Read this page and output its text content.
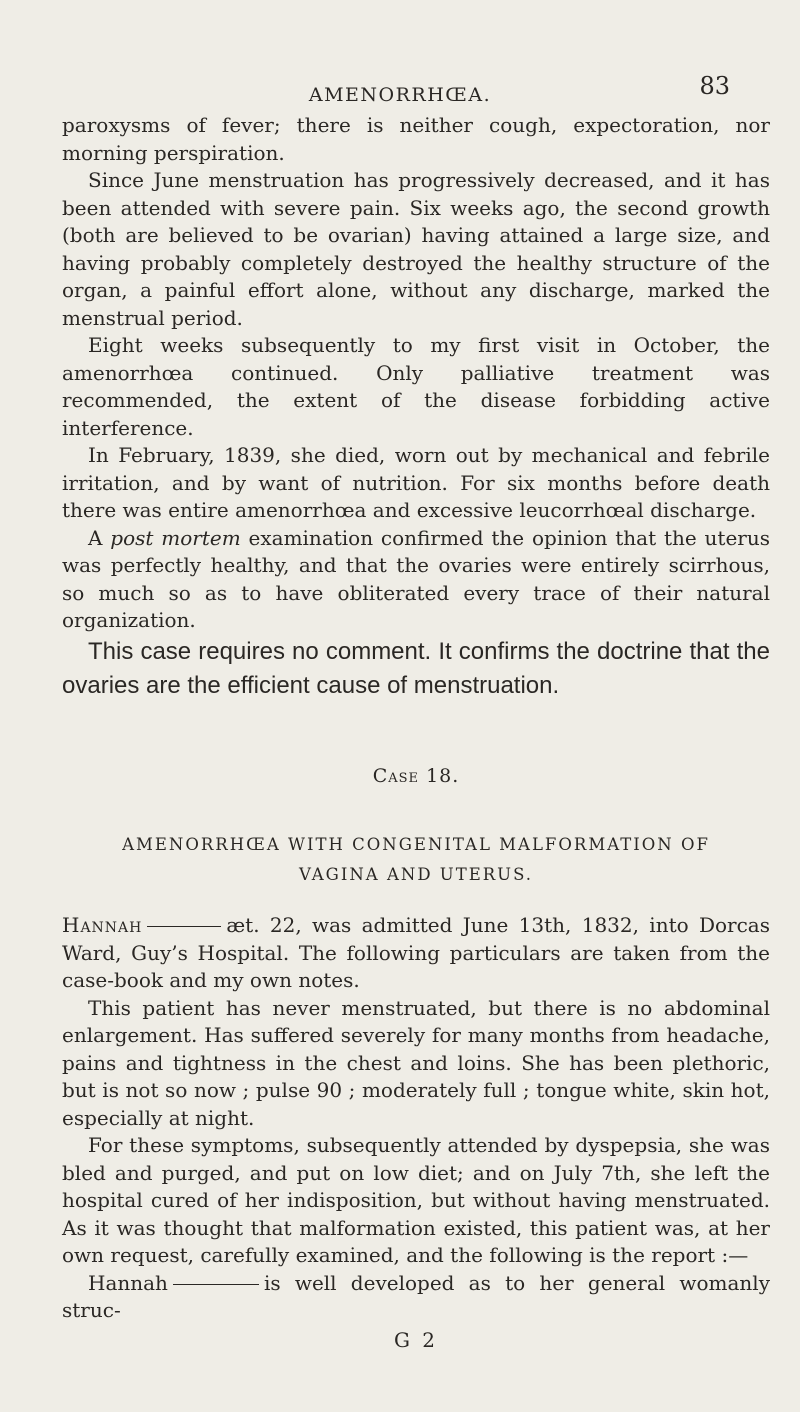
AMENORRHŒA.	83

paroxysms of fever; there is neither cough, expectoration, nor morning perspiration.

Since June menstruation has progressively decreased, and it has been attended with severe pain. Six weeks ago, the second growth (both are believed to be ovarian) having attained a large size, and having probably completely destroyed the healthy structure of the organ, a painful effort alone, without any discharge, marked the menstrual period.

Eight weeks subsequently to my first visit in October, the amenorrhœa continued. Only palliative treatment was recommended, the extent of the disease forbidding active interference.

In February, 1839, she died, worn out by mechanical and febrile irritation, and by want of nutrition. For six months before death there was entire amenorrhœa and excessive leucorrhœal discharge.

A post mortem examination confirmed the opinion that the uterus was perfectly healthy, and that the ovaries were entirely scirrhous, so much so as to have obliterated every trace of their natural organization.

This case requires no comment. It confirms the doctrine that the ovaries are the efficient cause of menstruation.

Case 18.
AMENORRHŒA WITH CONGENITAL MALFORMATION OF
VAGINA AND UTERUS.

Hannah	æt. 22, was admitted June 13th, 1832, into Dorcas Ward, Guy’s Hospital. The following particulars are taken from the case-book and my own notes.

This patient has never menstruated, but there is no abdominal enlargement. Has suffered severely for many months from headache, pains and tightness in the chest and loins. She has been plethoric, but is not so now ; pulse 90 ; moderately full ; tongue white, skin hot, especially at night.

For these symptoms, subsequently attended by dyspepsia, she was bled and purged, and put on low diet; and on July 7th, she left the hospital cured of her indisposition, but without having menstruated. As it was thought that malformation existed, this patient was, at her own request, carefully examined, and the following is the report :—

Hannah	is well developed as to her general womanly struc-

G 2
